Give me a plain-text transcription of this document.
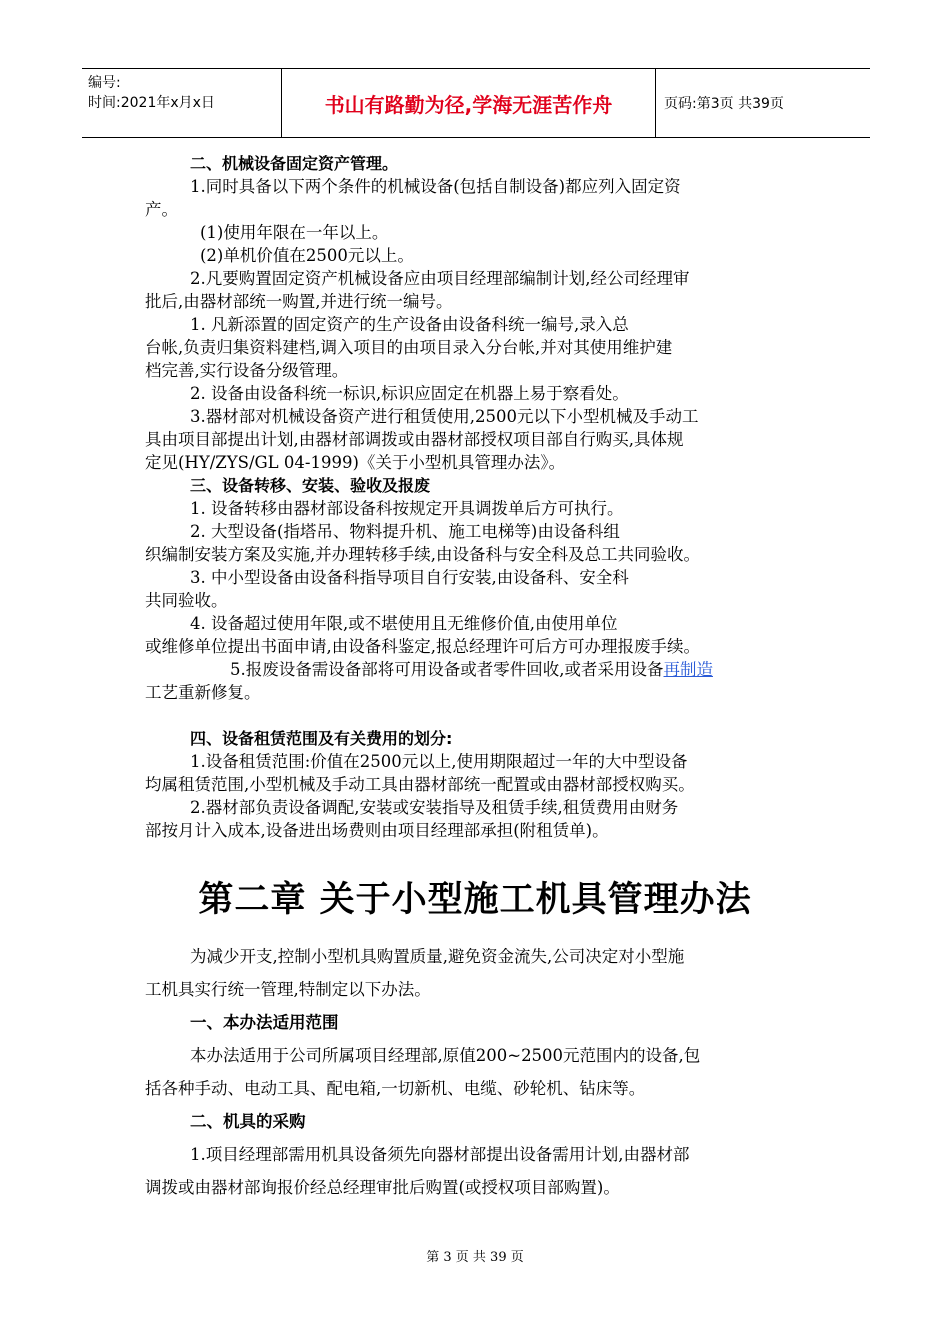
编号:
时间:2021年x月x日	书山有路勤为径,学海无涯苦作舟	页码:第3页 共39页
二、机械设备固定资产管理。
1.同时具备以下两个条件的机械设备(包括自制设备)都应列入固定资
产。
(1)使用年限在一年以上。
(2)单机价值在2500元以上。
2.凡要购置固定资产机械设备应由项目经理部编制计划,经公司经理审
批后,由器材部统一购置,并进行统一编号。
1. 凡新添置的固定资产的生产设备由设备科统一编号,录入总
台帐,负责归集资料建档,调入项目的由项目录入分台帐,并对其使用维护建
档完善,实行设备分级管理。
2. 设备由设备科统一标识,标识应固定在机器上易于察看处。
3.器材部对机械设备资产进行租赁使用,2500元以下小型机械及手动工
具由项目部提出计划,由器材部调拨或由器材部授权项目部自行购买,具体规
定见(HY/ZYS/GL 04-1999)《关于小型机具管理办法》。
三、设备转移、安装、验收及报废
1. 设备转移由器材部设备科按规定开具调拨单后方可执行。
2. 大型设备(指塔吊、物料提升机、施工电梯等)由设备科组
织编制安装方案及实施,并办理转移手续,由设备科与安全科及总工共同验收。
3. 中小型设备由设备科指导项目自行安装,由设备科、安全科
共同验收。
4. 设备超过使用年限,或不堪使用且无维修价值,由使用单位
或维修单位提出书面申请,由设备科鉴定,报总经理许可后方可办理报废手续。
5.报废设备需设备部将可用设备或者零件回收,或者采用设备再制造
工艺重新修复。
四、设备租赁范围及有关费用的划分:
1.设备租赁范围:价值在2500元以上,使用期限超过一年的大中型设备
均属租赁范围,小型机械及手动工具由器材部统一配置或由器材部授权购买。
2.器材部负责设备调配,安装或安装指导及租赁手续,租赁费用由财务
部按月计入成本,设备进出场费则由项目经理部承担(附租赁单)。
第二章 关于小型施工机具管理办法
为减少开支,控制小型机具购置质量,避免资金流失,公司决定对小型施
工机具实行统一管理,特制定以下办法。
一、本办法适用范围
本办法适用于公司所属项目经理部,原值200~2500元范围内的设备,包
括各种手动、电动工具、配电箱,一切新机、电缆、砂轮机、钻床等。
二、机具的采购
1.项目经理部需用机具设备须先向器材部提出设备需用计划,由器材部
调拨或由器材部询报价经总经理审批后购置(或授权项目部购置)。
第 3 页 共 39 页
